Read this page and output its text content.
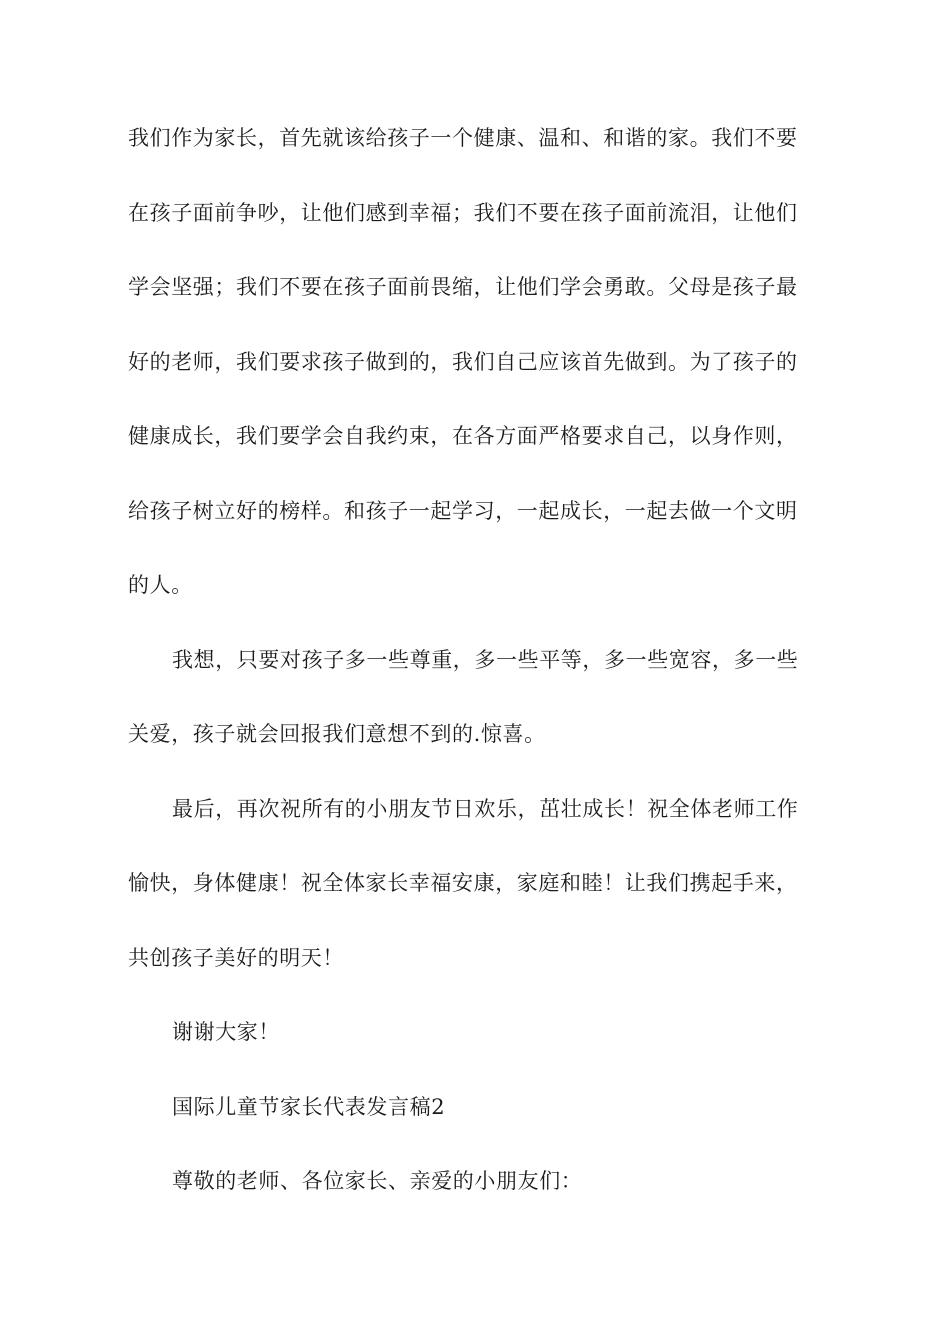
我们作为家长，首先就该给孩子一个健康、温和、和谐的家。我们不要
在孩子面前争吵，让他们感到幸福；我们不要在孩子面前流泪，让他们
学会坚强；我们不要在孩子面前畏缩，让他们学会勇敢。父母是孩子最
好的老师，我们要求孩子做到的，我们自己应该首先做到。为了孩子的
健康成长，我们要学会自我约束，在各方面严格要求自己，以身作则，
给孩子树立好的榜样。和孩子一起学习，一起成长，一起去做一个文明
的人。
我想，只要对孩子多一些尊重，多一些平等，多一些宽容，多一些
关爱，孩子就会回报我们意想不到的.惊喜。
最后，再次祝所有的小朋友节日欢乐，茁壮成长！祝全体老师工作
愉快，身体健康！祝全体家长幸福安康，家庭和睦！让我们携起手来，
共创孩子美好的明天！
谢谢大家！
国际儿童节家长代表发言稿2
尊敬的老师、各位家长、亲爱的小朋友们：
